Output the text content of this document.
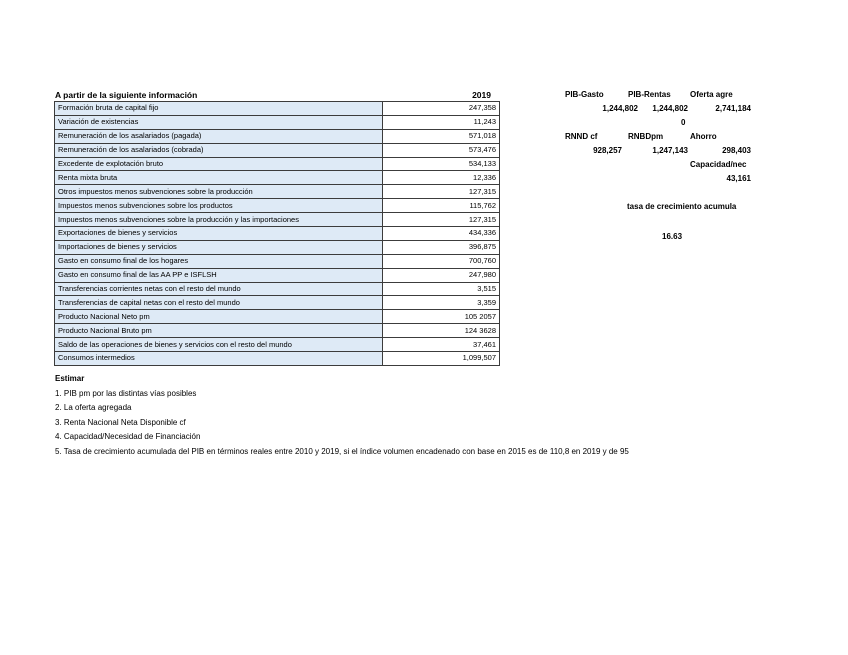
A partir de la siguiente información	2019
Formación bruta de capital fijo	247,358
Variación de existencias	11,243
Remuneración de los asalariados (pagada)	571,018
Remuneración de los asalariados (cobrada)	573,476
Excedente de explotación bruto	534,133
Renta mixta bruta	12,336
Otros impuestos menos subvenciones sobre la producción	127,315
Impuestos menos subvenciones sobre los productos	115,762
Impuestos menos subvenciones sobre la producción y las importaciones	127,315
Exportaciones de bienes y servicios	434,336
Importaciones de bienes y servicios	396,875
Gasto en consumo final de los hogares	700,760
Gasto en consumo final de las AA PP e ISFLSH	247,980
Transferencias corrientes netas con el resto del mundo	3,515
Transferencias de capital netas con el resto del mundo	3,359
Producto Nacional Neto pm	105 2057
Producto Nacional Bruto pm	124 3628
Saldo de las operaciones de bienes y servicios con el resto del mundo	37,461
Consumos intermedios	1,099,507
Estimar
1. PIB pm por las distintas vías posibles
2. La oferta agregada
3. Renta Nacional Neta Disponible cf
4. Capacidad/Necesidad de Financiación
5. Tasa de crecimiento acumulada del PIB en términos reales entre 2010 y 2019, si el índice volumen encadenado con base en 2015 es de 110,8 en 2019 y de 95
PIB-Gasto	PIB-Rentas Oferta agre
1,244,802	1,244,802	2,741,184
0
RNND cf	RNBDpm	Ahorro
928,257	1,247,143	298,403
Capacidad/nec
43,161
tasa de crecimiento acumula
16.63
